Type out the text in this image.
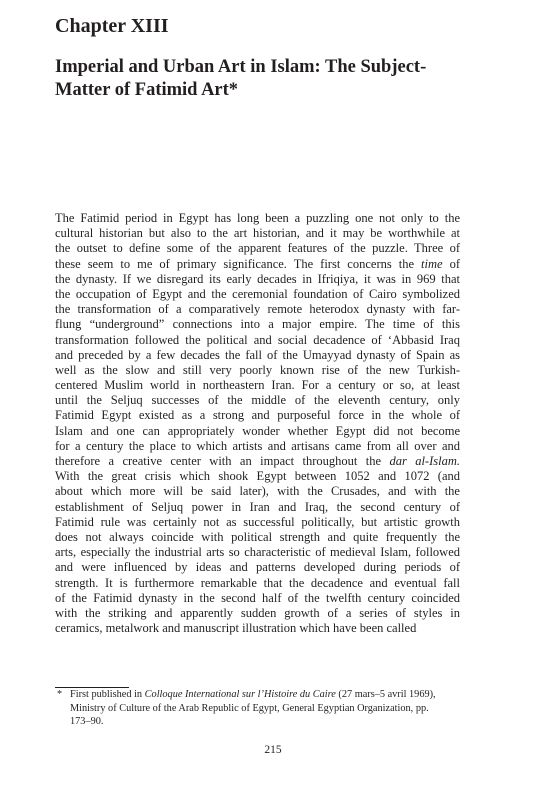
Chapter XIII
Imperial and Urban Art in Islam: The Subject-
Matter of Fatimid Art*
The Fatimid period in Egypt has long been a puzzling one not only to the
cultural historian but also to the art historian, and it may be worthwhile at
the outset to define some of the apparent features of the puzzle. Three of
these seem to me of primary significance. The first concerns the time of
the dynasty. If we disregard its early decades in Ifriqiya, it was in 969 that
the occupation of Egypt and the ceremonial foundation of Cairo symbolized
the transformation of a comparatively remote heterodox dynasty with far-
flung “underground” connections into a major empire. The time of this
transformation followed the political and social decadence of ‘Abbasid Iraq
and preceded by a few decades the fall of the Umayyad dynasty of Spain as
well as the slow and still very poorly known rise of the new Turkish-
centered Muslim world in northeastern Iran. For a century or so, at least
until the Seljuq successes of the middle of the eleventh century, only
Fatimid Egypt existed as a strong and purposeful force in the whole of
Islam and one can appropriately wonder whether Egypt did not become
for a century the place to which artists and artisans came from all over and
therefore a creative center with an impact throughout the dar al-Islam.
With the great crisis which shook Egypt between 1052 and 1072 (and
about which more will be said later), with the Crusades, and with the
establishment of Seljuq power in Iran and Iraq, the second century of
Fatimid rule was certainly not as successful politically, but artistic growth
does not always coincide with political strength and quite frequently the
arts, especially the industrial arts so characteristic of medieval Islam, followed
and were influenced by ideas and patterns developed during periods of
strength. It is furthermore remarkable that the decadence and eventual fall
of the Fatimid dynasty in the second half of the twelfth century coincided
with the striking and apparently sudden growth of a series of styles in
ceramics, metalwork and manuscript illustration which have been called
* First published in Colloque International sur l’Histoire du Caire (27 mars–5 avril 1969),
Ministry of Culture of the Arab Republic of Egypt, General Egyptian Organization, pp.
173–90.
215
